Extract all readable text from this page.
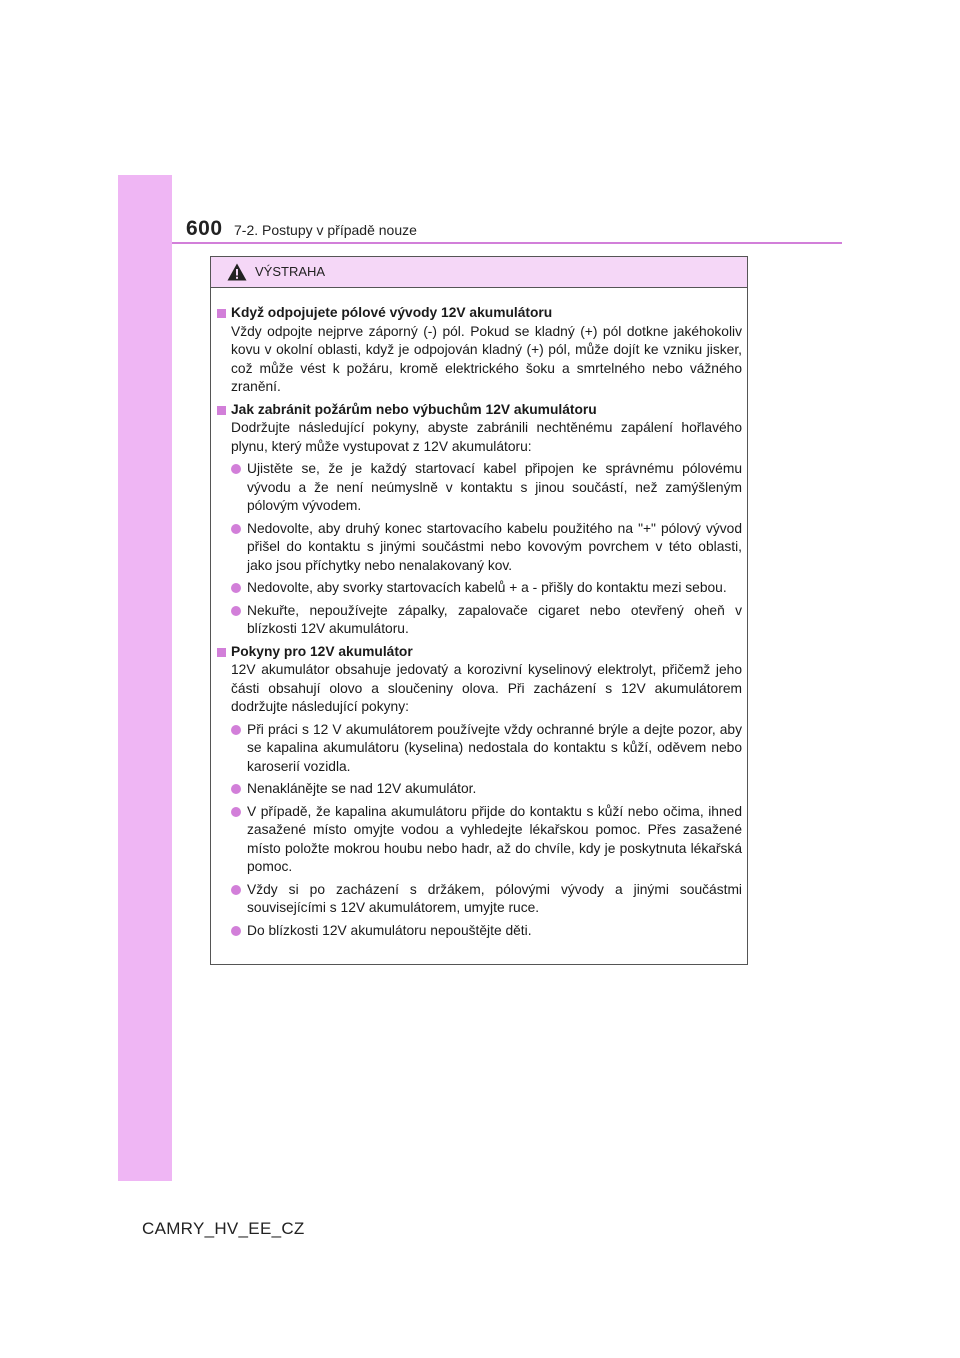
600 7-2. Postupy v případě nouze
VÝSTRAHA
Když odpojujete pólové vývody 12V akumulátoru
Vždy odpojte nejprve záporný (-) pól. Pokud se kladný (+) pól dotkne jakéhokoliv kovu v okolní oblasti, když je odpojován kladný (+) pól, může dojít ke vzniku jisker, což může vést k požáru, kromě elektrického šoku a smrtelného nebo vážného zranění.
Jak zabránit požárům nebo výbuchům 12V akumulátoru
Dodržujte následující pokyny, abyste zabránili nechtěnému zapálení hořlavého plynu, který může vystupovat z 12V akumulátoru:
Ujistěte se, že je každý startovací kabel připojen ke správnému pólovému vývodu a že není neúmyslně v kontaktu s jinou součástí, než zamýšleným pólovým vývodem.
Nedovolte, aby druhý konec startovacího kabelu použitého na "+" pólový vývod přišel do kontaktu s jinými součástmi nebo kovovým povrchem v této oblasti, jako jsou příchytky nebo nenalakovaný kov.
Nedovolte, aby svorky startovacích kabelů + a - přišly do kontaktu mezi sebou.
Nekuřte, nepoužívejte zápalky, zapalovače cigaret nebo otevřený oheň v blízkosti 12V akumulátoru.
Pokyny pro 12V akumulátor
12V akumulátor obsahuje jedovatý a korozivní kyselinový elektrolyt, přičemž jeho části obsahují olovo a sloučeniny olova. Při zacházení s 12V akumulátorem dodržujte následující pokyny:
Při práci s 12 V akumulátorem používejte vždy ochranné brýle a dejte pozor, aby se kapalina akumulátoru (kyselina) nedostala do kontaktu s kůží, oděvem nebo karoserií vozidla.
Nenaklánějte se nad 12V akumulátor.
V případě, že kapalina akumulátoru přijde do kontaktu s kůží nebo očima, ihned zasažené místo omyjte vodou a vyhledejte lékařskou pomoc. Přes zasažené místo položte mokrou houbu nebo hadr, až do chvíle, kdy je poskytnuta lékařská pomoc.
Vždy si po zacházení s držákem, pólovými vývody a jinými součástmi souvisejícími s 12V akumulátorem, umyjte ruce.
Do blízkosti 12V akumulátoru nepouštějte děti.
CAMRY_HV_EE_CZ
